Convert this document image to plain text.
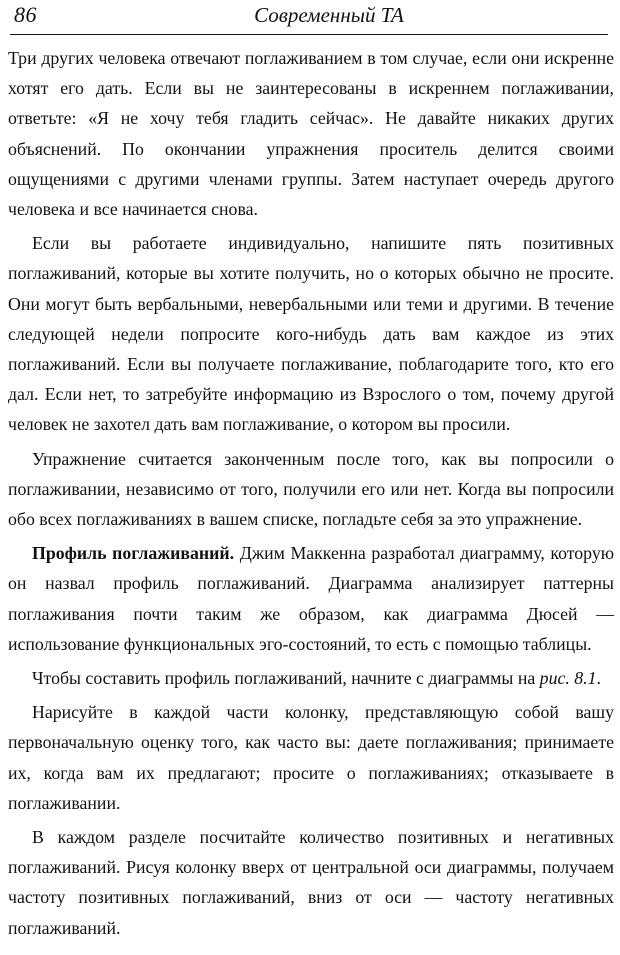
86	Современный ТА

Три других человека отвечают поглаживанием в том случае, если они искренне хотят его дать. Если вы не заинтересованы в искреннем поглаживании, ответьте: «Я не хочу тебя гладить сейчас». Не давайте никаких других объяснений. По окончании упражнения проситель делится своими ощущениями с другими членами группы. Затем наступает очередь другого человека и все начинается снова.

Если вы работаете индивидуально, напишите пять позитивных поглаживаний, которые вы хотите получить, но о которых обычно не просите. Они могут быть вербальными, невербальными или теми и другими. В течение следующей недели попросите кого-нибудь дать вам каждое из этих поглаживаний. Если вы получаете поглаживание, поблагодарите того, кто его дал. Если нет, то затребуйте информацию из Взрослого о том, почему другой человек не захотел дать вам поглаживание, о котором вы просили.

Упражнение считается законченным после того, как вы попросили о поглаживании, независимо от того, получили его или нет. Когда вы попросили обо всех поглаживаниях в вашем списке, погладьте себя за это упражнение.

Профиль поглаживаний. Джим Маккенна разработал диаграмму, которую он назвал профиль поглаживаний. Диаграмма анализирует паттерны поглаживания почти таким же образом, как диаграмма Дюсей — использование функциональных эго-состояний, то есть с помощью таблицы.

Чтобы составить профиль поглаживаний, начните с диаграммы на рис. 8.1.

Нарисуйте в каждой части колонку, представляющую собой вашу первоначальную оценку того, как часто вы: даете поглаживания; принимаете их, когда вам их предлагают; просите о поглаживаниях; отказываете в поглаживании.

В каждом разделе посчитайте количество позитивных и негативных поглаживаний. Рисуя колонку вверх от центральной оси диаграммы, получаем частоту позитивных поглаживаний, вниз от оси — частоту негативных поглаживаний.
